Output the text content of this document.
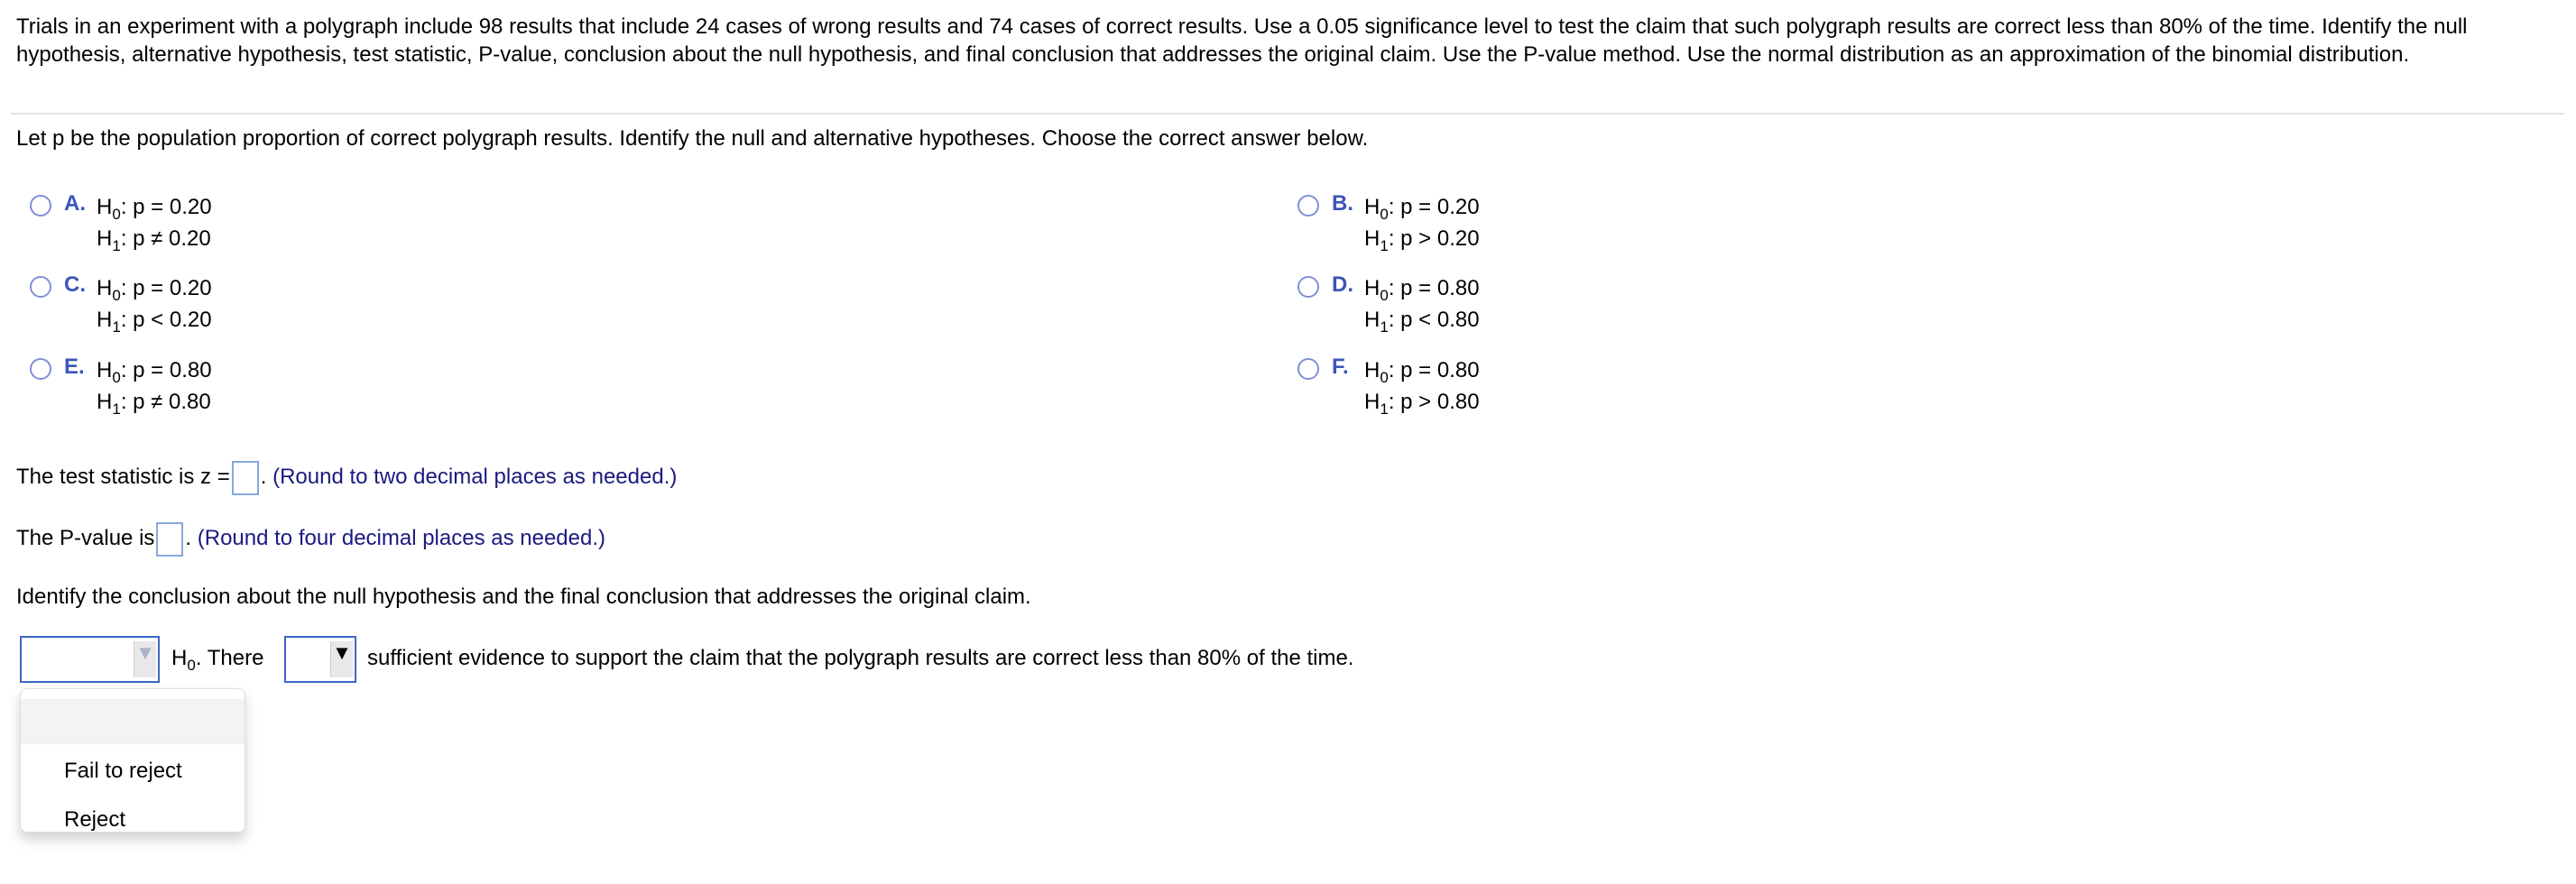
Trials in an experiment with a polygraph include 98 results that include 24 cases of wrong results and 74 cases of correct results. Use a 0.05 significance level to test the claim that such polygraph results are correct less than 80% of the time. Identify the null hypothesis, alternative hypothesis, test statistic, P-value, conclusion about the null hypothesis, and final conclusion that addresses the original claim. Use the P-value method. Use the normal distribution as an approximation of the binomial distribution.
Let p be the population proportion of correct polygraph results. Identify the null and alternative hypotheses. Choose the correct answer below.
A. $H_0$: p = 0.20
$H_1$: p ≠ 0.20
B. $H_0$: p = 0.20
$H_1$: p > 0.20
C. $H_0$: p = 0.20
$H_1$: p < 0.20
D. $H_0$: p = 0.80
$H_1$: p < 0.80
E. $H_0$: p = 0.80
$H_1$: p ≠ 0.80
F. $H_0$: p = 0.80
$H_1$: p > 0.80
The test statistic is z = . (Round to two decimal places as needed.)
The P-value is . (Round to four decimal places as needed.)
Identify the conclusion about the null hypothesis and the final conclusion that addresses the original claim.
▼ $H_0$. There	▼ sufficient evidence to support the claim that the polygraph results are correct less than 80% of the time.
Fail to reject
Reject
